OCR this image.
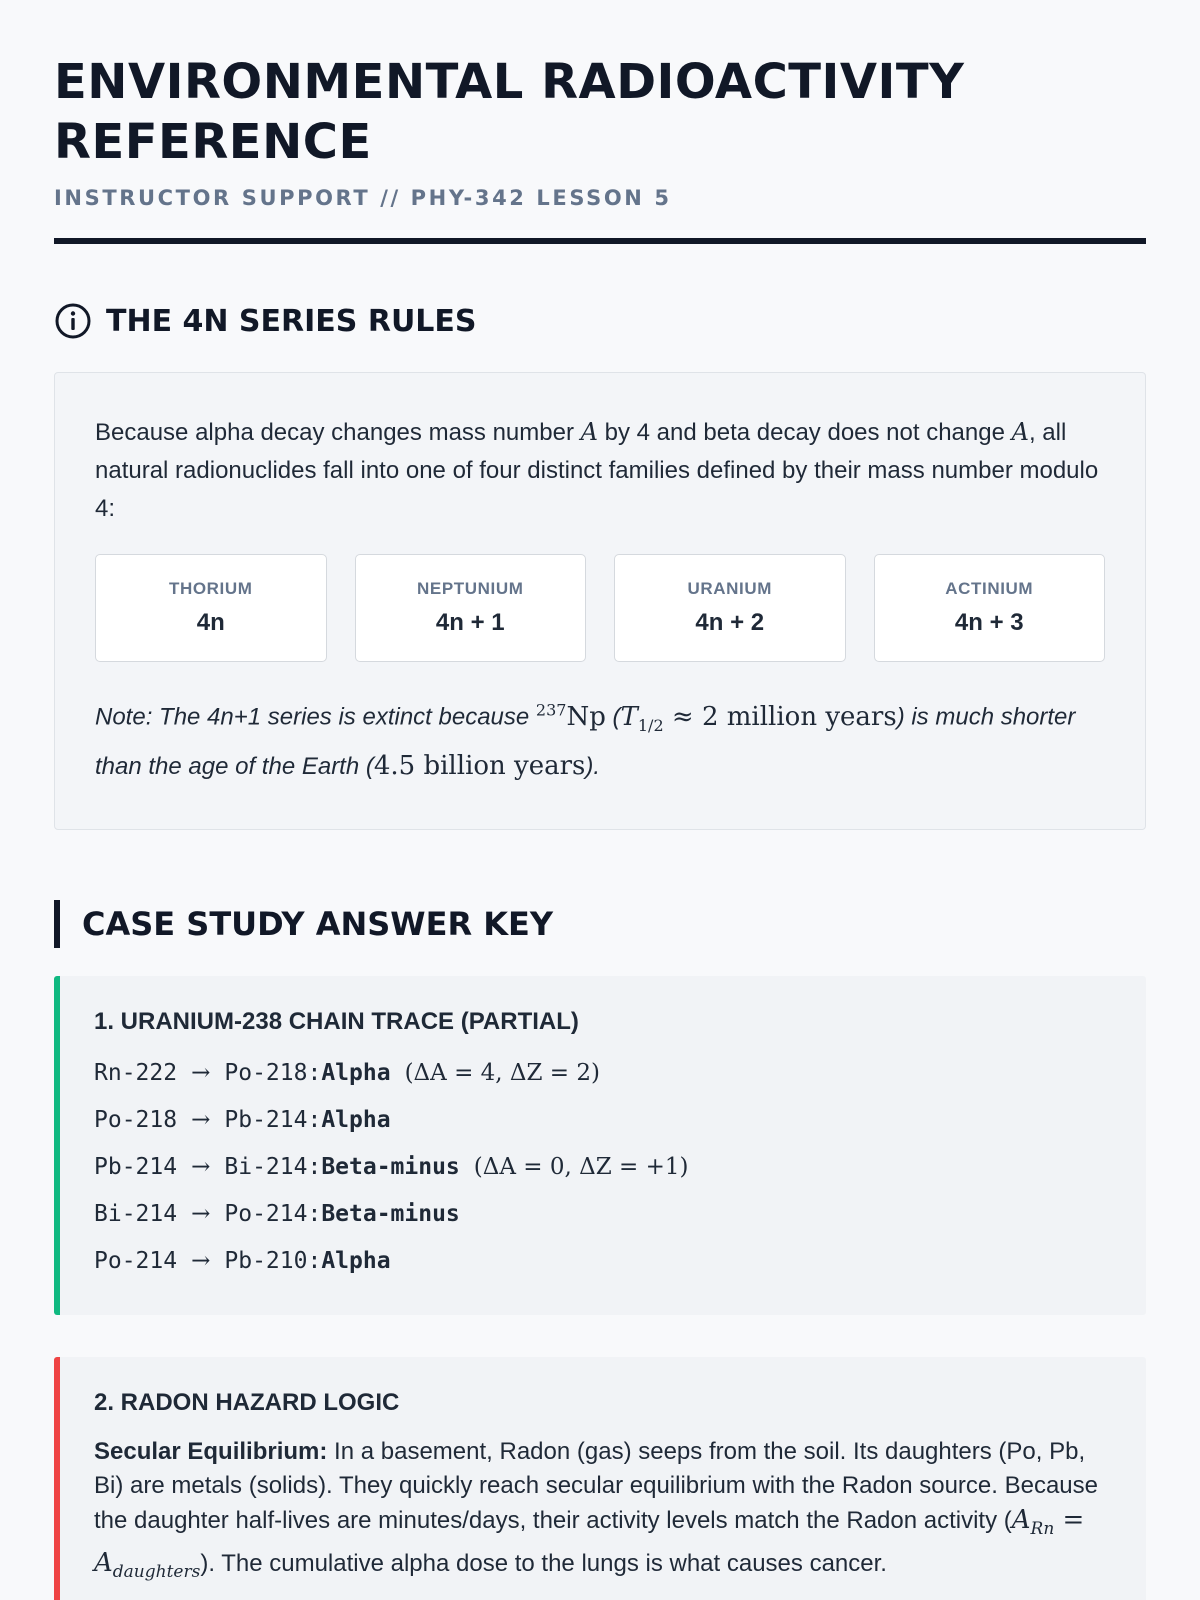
ENVIRONMENTAL RADIOACTIVITY REFERENCE
INSTRUCTOR SUPPORT // PHY-342 LESSON 5
THE 4N SERIES RULES

Because alpha decay changes mass number A by 4 and beta decay does not change A, all natural radionuclides fall into one of four distinct families defined by their mass number modulo 4:

THORIUM
4n
NEPTUNIUM
4n + 1
URANIUM
4n + 2
ACTINIUM
4n + 3

Note: The 4n+1 series is extinct because $^{237}$Np ($T_{1/2} \approx 2$ million years) is much shorter than the age of the Earth (4.5 billion years).

CASE STUDY ANSWER KEY
1. URANIUM-238 CHAIN TRACE (PARTIAL)
Rn-222 → Po-218: Alpha (ΔA = 4, ΔZ = 2)
Po-218 → Pb-214: Alpha
Pb-214 → Bi-214: Beta-minus (ΔA = 0, ΔZ = +1)
Bi-214 → Po-214: Beta-minus
Po-214 → Pb-210: Alpha
2. RADON HAZARD LOGIC

Secular Equilibrium: In a basement, Radon (gas) seeps from the soil. Its daughters (Po, Pb, Bi) are metals (solids). They quickly reach secular equilibrium with the Radon source. Because the daughter half-lives are minutes/days, their activity levels match the Radon activity $(A_{Rn} = A_{daughters})$. The cumulative alpha dose to the lungs is what causes cancer.
